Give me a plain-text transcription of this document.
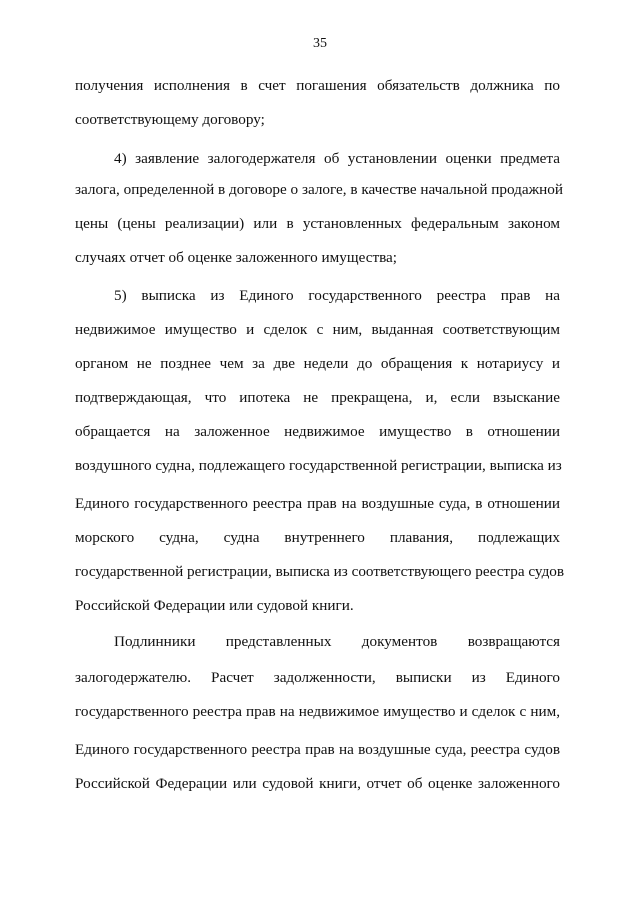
35
получения исполнения в счет погашения обязательств должника по
соответствующему договору;
4) заявление залогодержателя об установлении оценки предмета
залога, определенной в договоре о залоге, в качестве начальной продажной
цены (цены реализации) или в установленных федеральным законом
случаях отчет об оценке заложенного имущества;
5) выписка из Единого государственного реестра прав на
недвижимое имущество и сделок с ним, выданная соответствующим
органом не позднее чем за две недели до обращения к нотариусу и
подтверждающая, что ипотека не прекращена, и, если взыскание
обращается на заложенное недвижимое имущество в отношении
воздушного судна, подлежащего государственной регистрации, выписка из
Единого государственного реестра прав на воздушные суда, в отношении
морского судна, судна внутреннего плавания, подлежащих
государственной регистрации, выписка из соответствующего реестра судов
Российской Федерации или судовой книги.
Подлинники представленных документов возвращаются
залогодержателю. Расчет задолженности, выписки из Единого
государственного реестра прав на недвижимое имущество и сделок с ним,
Единого государственного реестра прав на воздушные суда, реестра судов
Российской Федерации или судовой книги, отчет об оценке заложенного
